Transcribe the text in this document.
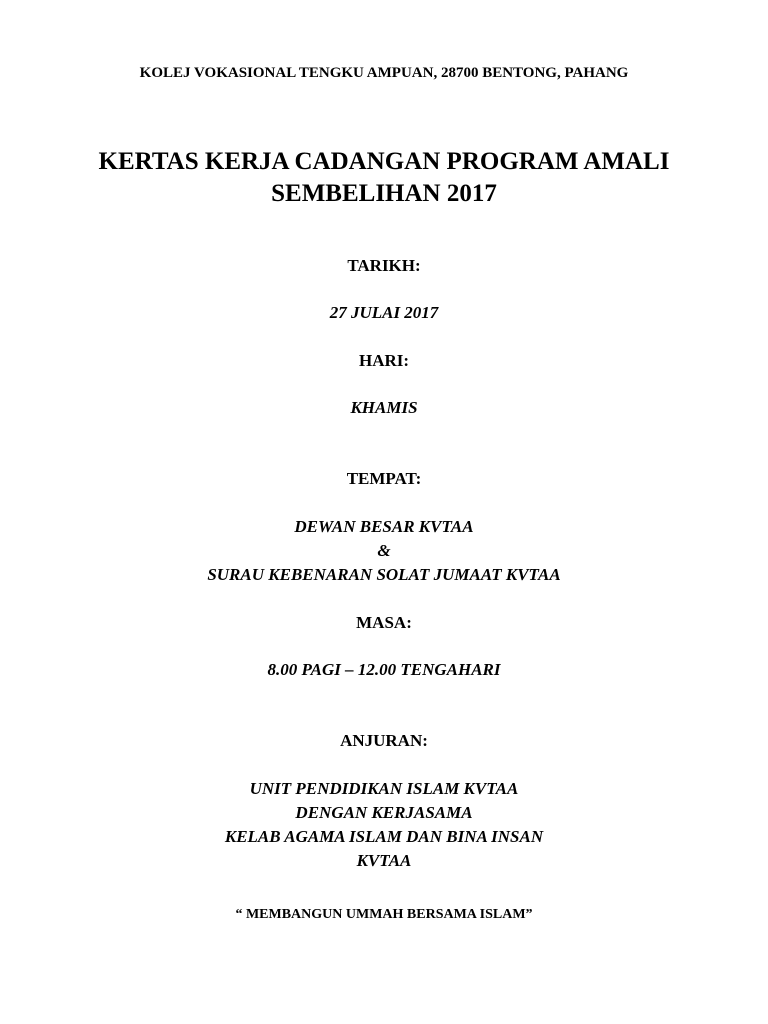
KOLEJ VOKASIONAL TENGKU AMPUAN, 28700 BENTONG, PAHANG
KERTAS KERJA CADANGAN PROGRAM AMALI
SEMBELIHAN 2017
TARIKH:
27 JULAI 2017
HARI:
KHAMIS
TEMPAT:
DEWAN BESAR KVTAA
&
SURAU KEBENARAN SOLAT JUMAAT KVTAA
MASA:
8.00 PAGI – 12.00 TENGAHARI
ANJURAN:
UNIT PENDIDIKAN ISLAM KVTAA
DENGAN KERJASAMA
KELAB AGAMA ISLAM DAN BINA INSAN
KVTAA
“ MEMBANGUN UMMAH BERSAMA ISLAM”
